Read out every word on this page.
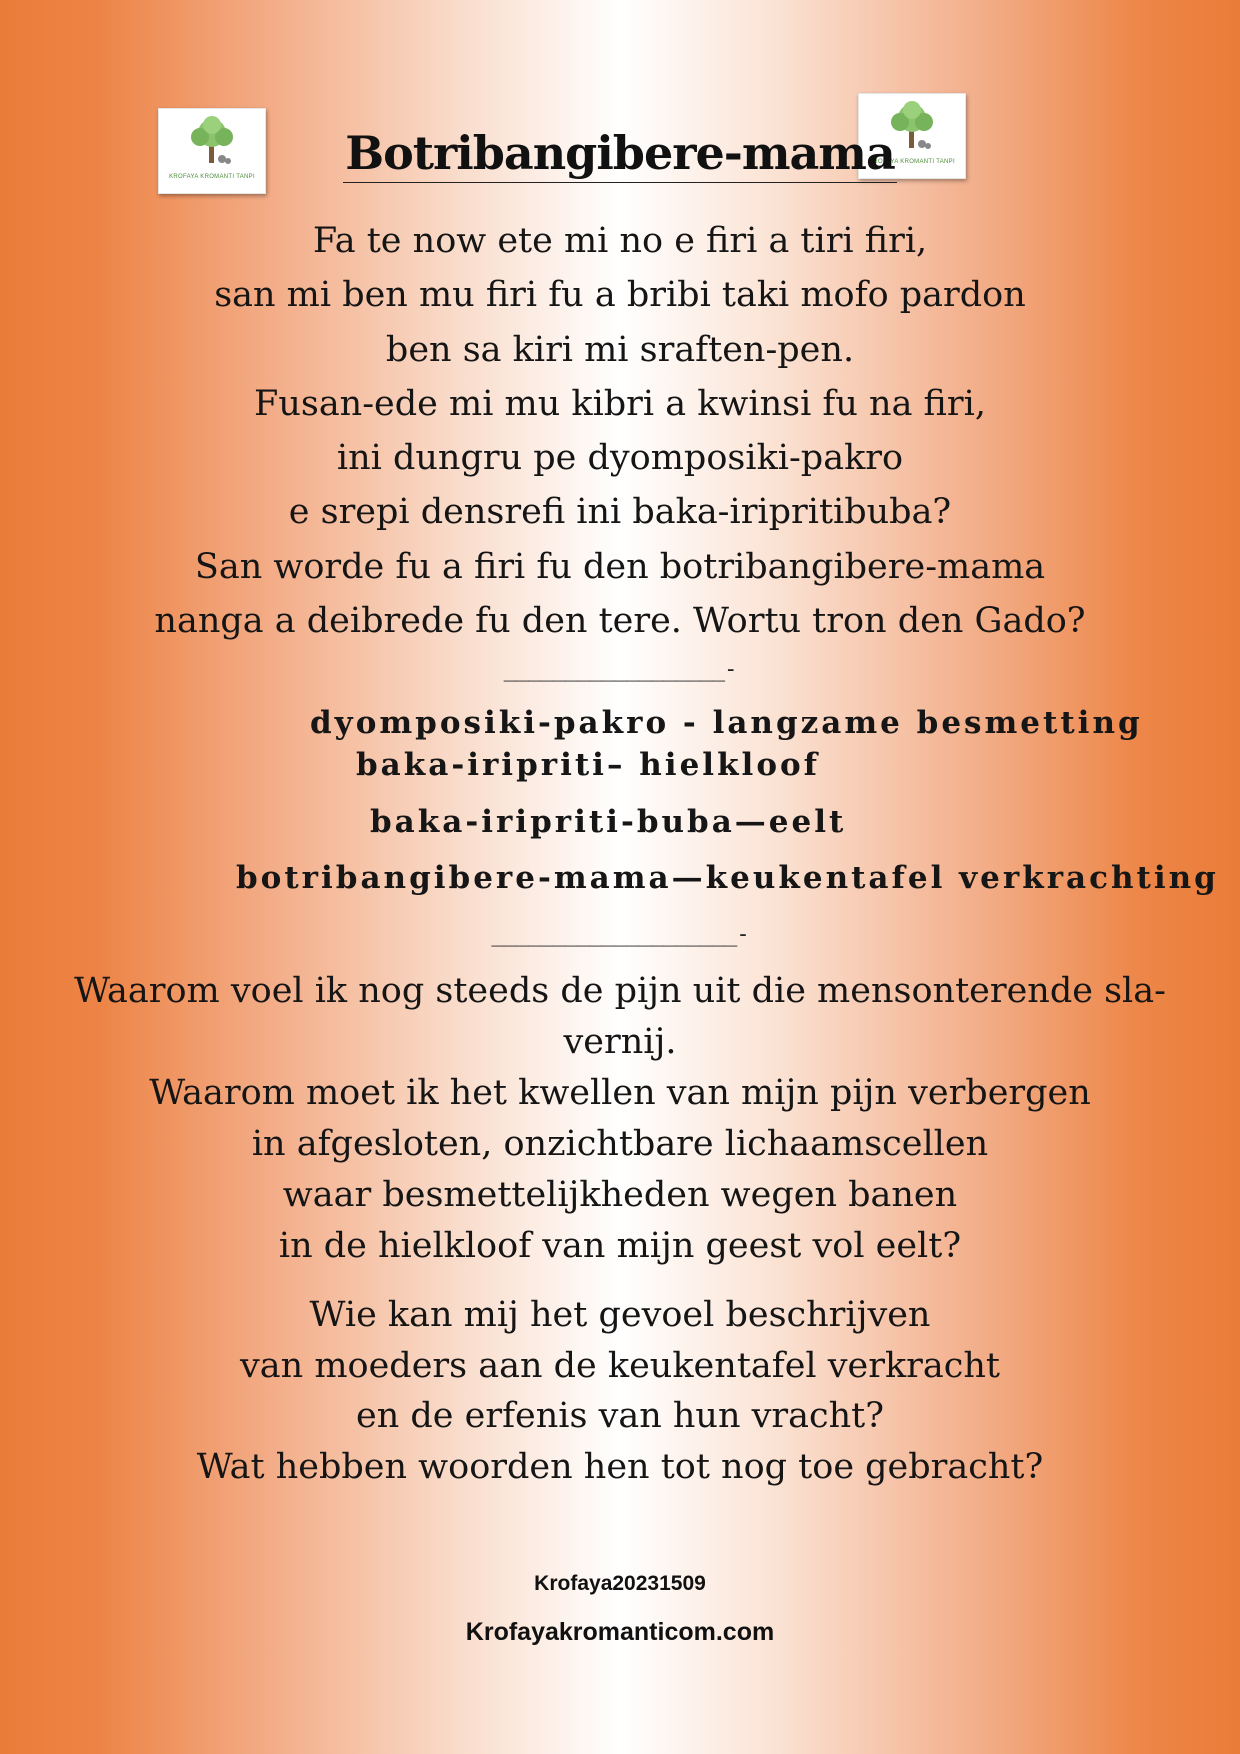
KROFAYA KROMANTI TANPI
KROFAYA KROMANTI TANPI
Botribangibere-mama
Fa te now ete mi no e firi a tiri firi,
san mi ben mu firi fu a bribi taki mofo pardon
ben sa kiri mi sraften-pen.
Fusan-ede mi mu kibri a kwinsi fu na firi,
ini dungru pe dyomposiki-pakro
e srepi densrefi ini baka-iripritibuba?
San worde fu a firi fu den botribangibere-mama
nanga a deibrede fu den tere. Wortu tron den Gado?
__________________-
dyomposiki-pakro - langzame besmetting
baka-iripriti– hielkloof
baka-iripriti-buba—eelt
botribangibere-mama—keukentafel verkrachting
____________________-
Waarom voel ik nog steeds de pijn uit die mensonterende sla-
vernij.
Waarom moet ik het kwellen van mijn pijn verbergen
in afgesloten, onzichtbare lichaamscellen
waar besmettelijkheden wegen banen
in de hielkloof van mijn geest vol eelt?
Wie kan mij het gevoel beschrijven
van moeders aan de keukentafel verkracht
en de erfenis van hun vracht?
Wat hebben woorden hen tot nog toe gebracht?
Krofaya20231509
Krofayakromanticom.com
